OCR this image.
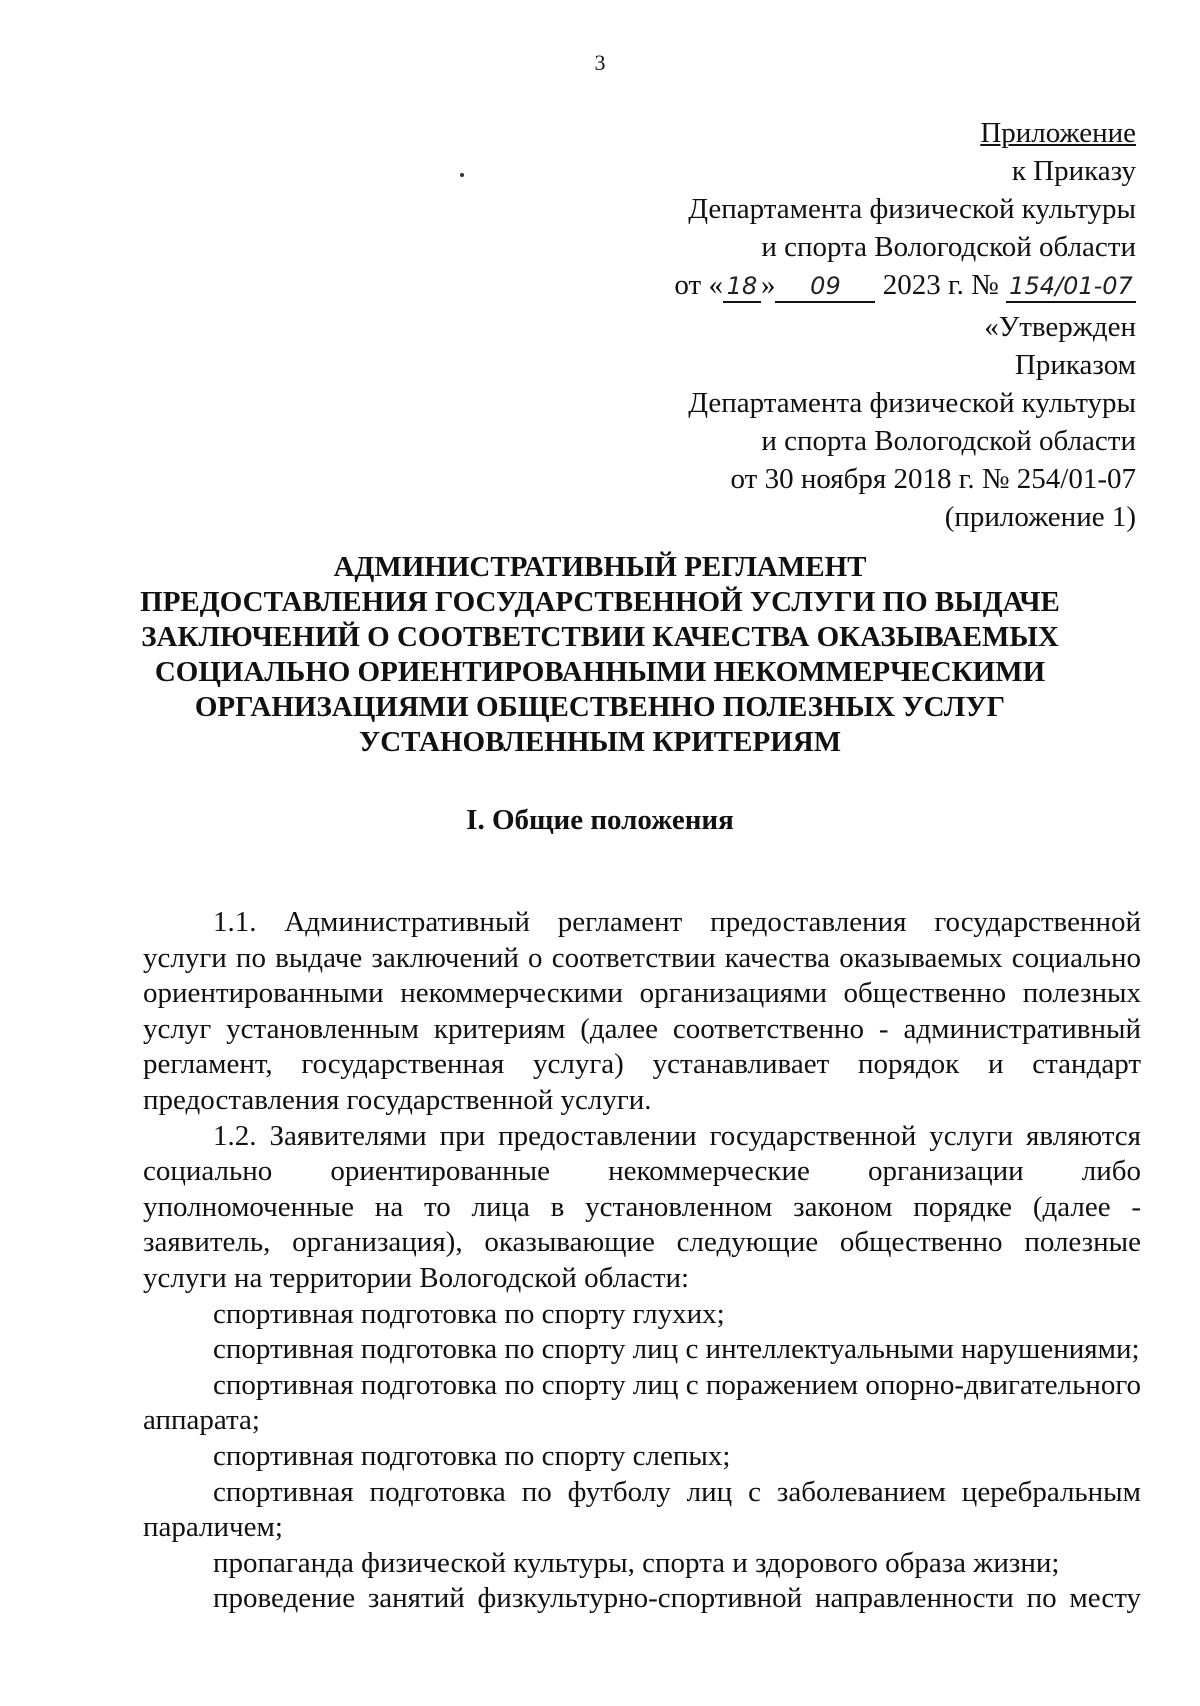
3
Приложение
к Приказу
Департамента физической культуры
и спорта Вологодской области
от « 18 » 09 2023 г. № 154/01-07
«Утвержден
Приказом
Департамента физической культуры
и спорта Вологодской области
от 30 ноября 2018 г. № 254/01-07
(приложение 1)
АДМИНИСТРАТИВНЫЙ РЕГЛАМЕНТ
ПРЕДОСТАВЛЕНИЯ ГОСУДАРСТВЕННОЙ УСЛУГИ ПО ВЫДАЧЕ
ЗАКЛЮЧЕНИЙ О СООТВЕТСТВИИ КАЧЕСТВА ОКАЗЫВАЕМЫХ
СОЦИАЛЬНО ОРИЕНТИРОВАННЫМИ НЕКОММЕРЧЕСКИМИ
ОРГАНИЗАЦИЯМИ ОБЩЕСТВЕННО ПОЛЕЗНЫХ УСЛУГ
УСТАНОВЛЕННЫМ КРИТЕРИЯМ
I. Общие положения

1.1. Административный регламент предоставления государственной услуги по выдаче заключений о соответствии качества оказываемых социально ориентированными некоммерческими организациями общественно полезных услуг установленным критериям (далее соответственно - административный регламент, государственная услуга) устанавливает порядок и стандарт предоставления государственной услуги.

1.2. Заявителями при предоставлении государственной услуги являются социально ориентированные некоммерческие организации либо уполномоченные на то лица в установленном законом порядке (далее - заявитель, организация), оказывающие следующие общественно полезные услуги на территории Вологодской области:

спортивная подготовка по спорту глухих;

спортивная подготовка по спорту лиц с интеллектуальными нарушениями;

спортивная подготовка по спорту лиц с поражением опорно-двигательного аппарата;

спортивная подготовка по спорту слепых;

спортивная подготовка по футболу лиц с заболеванием церебральным параличем;

пропаганда физической культуры, спорта и здорового образа жизни;

проведение занятий физкультурно-спортивной направленности по месту
